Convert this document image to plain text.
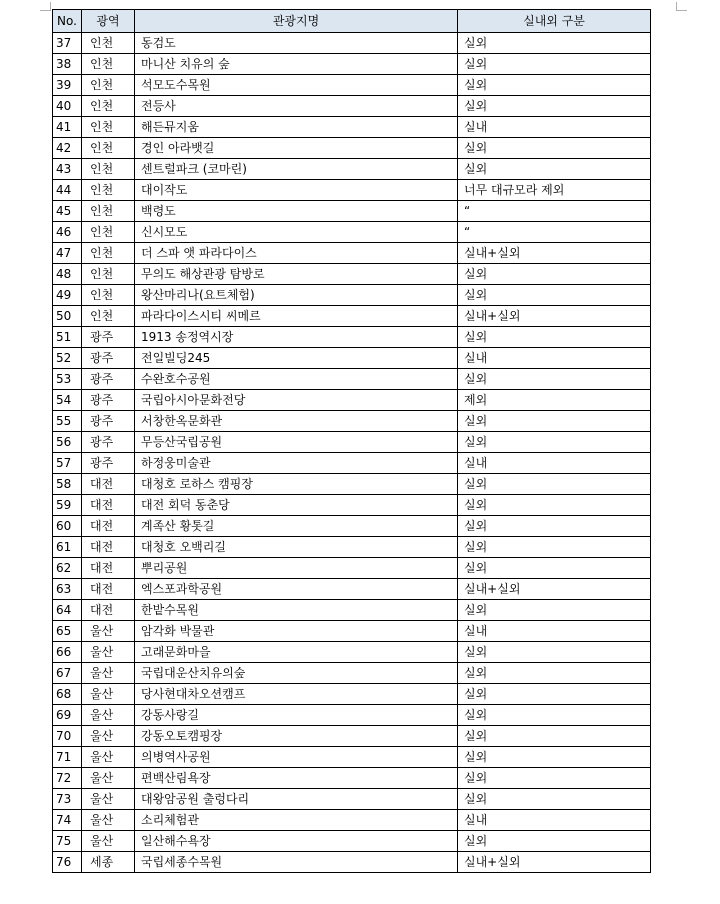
No.	광역	관광지명	실내외 구분
37	인천	동검도	실외
38	인천	마니산 치유의 숲	실외
39	인천	석모도수목원	실외
40	인천	전등사	실외
41	인천	해든뮤지움	실내
42	인천	경인 아라뱃길	실외
43	인천	센트럴파크 (코마린)	실외
44	인천	대이작도	너무 대규모라 제외
45	인천	백령도	“
46	인천	신시모도	“
47	인천	더 스파 앳 파라다이스	실내+실외
48	인천	무의도 해상관광 탐방로	실외
49	인천	왕산마리나(요트체험)	실외
50	인천	파라다이스시티 씨메르	실내+실외
51	광주	1913 송정역시장	실외
52	광주	전일빌딩245	실내
53	광주	수완호수공원	실외
54	광주	국립아시아문화전당	제외
55	광주	서창한옥문화관	실외
56	광주	무등산국립공원	실외
57	광주	하정웅미술관	실내
58	대전	대청호 로하스 캠핑장	실외
59	대전	대전 회덕 동춘당	실외
60	대전	계족산 황톳길	실외
61	대전	대청호 오백리길	실외
62	대전	뿌리공원	실외
63	대전	엑스포과학공원	실내+실외
64	대전	한밭수목원	실외
65	울산	암각화 박물관	실내
66	울산	고래문화마을	실외
67	울산	국립대운산치유의숲	실외
68	울산	당사현대차오션캠프	실외
69	울산	강동사랑길	실외
70	울산	강동오토캠핑장	실외
71	울산	의병역사공원	실외
72	울산	편백산림욕장	실외
73	울산	대왕암공원 출렁다리	실외
74	울산	소리체험관	실내
75	울산	일산해수욕장	실외
76	세종	국립세종수목원	실내+실외
